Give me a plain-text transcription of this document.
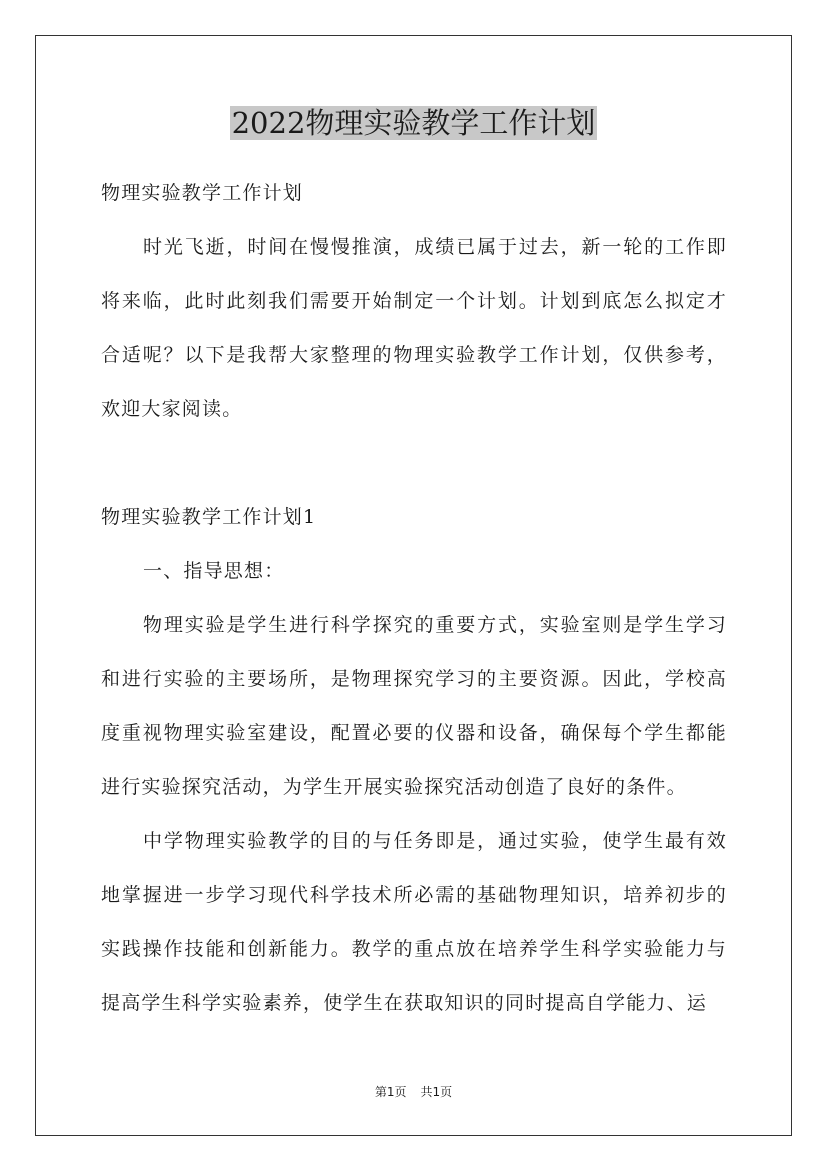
2022物理实验教学工作计划

物理实验教学工作计划

时光飞逝，时间在慢慢推演，成绩已属于过去，新一轮的工作即将来临，此时此刻我们需要开始制定一个计划。计划到底怎么拟定才合适呢？以下是我帮大家整理的物理实验教学工作计划，仅供参考，欢迎大家阅读。

物理实验教学工作计划1

一、指导思想：

物理实验是学生进行科学探究的重要方式，实验室则是学生学习和进行实验的主要场所，是物理探究学习的主要资源。因此，学校高度重视物理实验室建设，配置必要的仪器和设备，确保每个学生都能进行实验探究活动，为学生开展实验探究活动创造了良好的条件。

中学物理实验教学的目的与任务即是，通过实验，使学生最有效地掌握进一步学习现代科学技术所必需的基础物理知识，培养初步的实践操作技能和创新能力。教学的重点放在培养学生科学实验能力与提高学生科学实验素养，使学生在获取知识的同时提高自学能力、运

第1页 共1页
